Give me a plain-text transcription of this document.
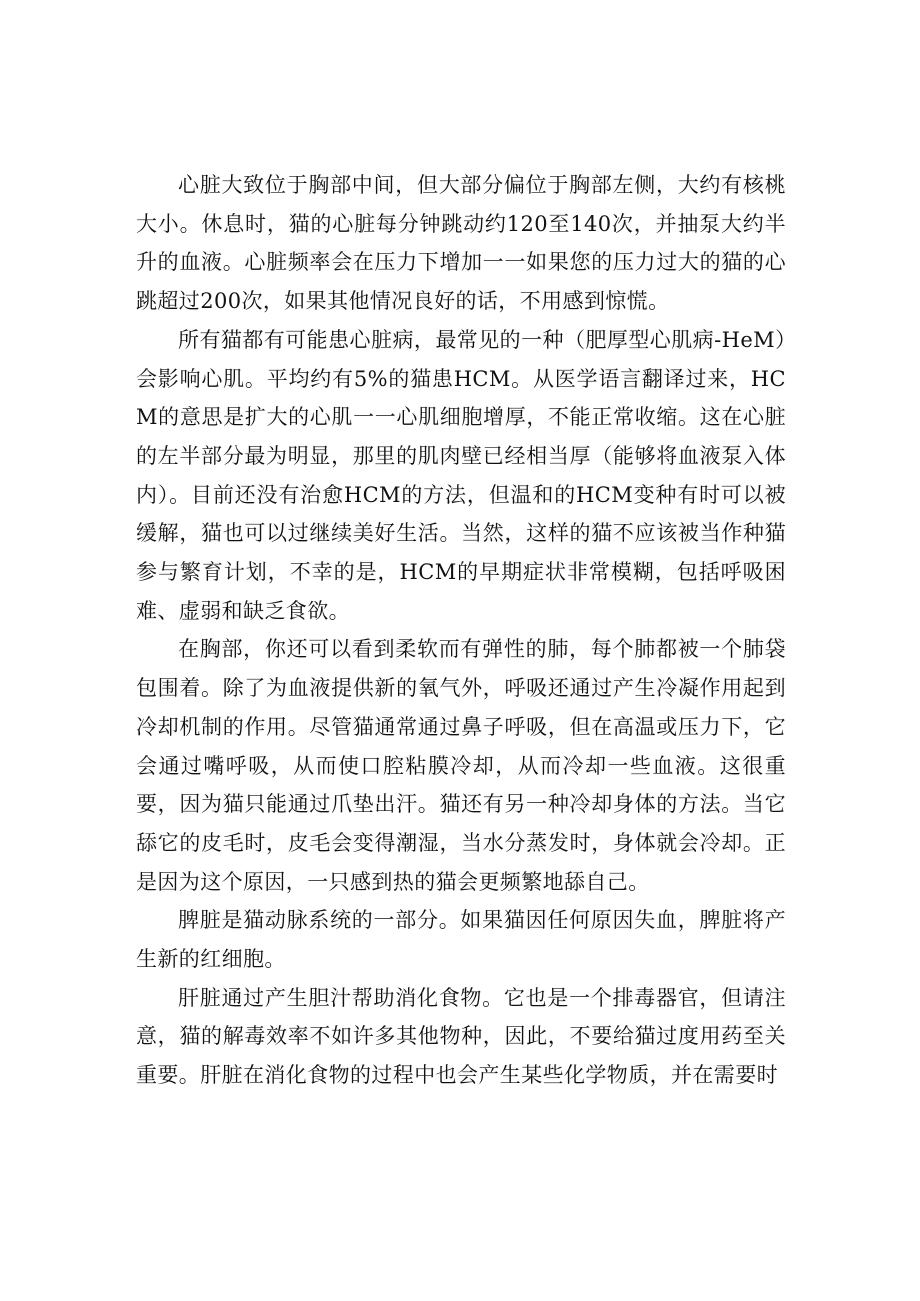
心脏大致位于胸部中间，但大部分偏位于胸部左侧，大约有核桃大小。休息时，猫的心脏每分钟跳动约120至140次，并抽泵大约半升的血液。心脏频率会在压力下增加一一如果您的压力过大的猫的心跳超过200次，如果其他情况良好的话，不用感到惊慌。

所有猫都有可能患心脏病，最常见的一种（肥厚型心肌病-HeM）会影响心肌。平均约有5%的猫患HCM。从医学语言翻译过来，HCM的意思是扩大的心肌一一心肌细胞增厚，不能正常收缩。这在心脏的左半部分最为明显，那里的肌肉壁已经相当厚（能够将血液泵入体内）。目前还没有治愈HCM的方法，但温和的HCM变种有时可以被缓解，猫也可以过继续美好生活。当然，这样的猫不应该被当作种猫参与繁育计划，不幸的是，HCM的早期症状非常模糊，包括呼吸困难、虚弱和缺乏食欲。

在胸部，你还可以看到柔软而有弹性的肺，每个肺都被一个肺袋包围着。除了为血液提供新的氧气外，呼吸还通过产生冷凝作用起到冷却机制的作用。尽管猫通常通过鼻子呼吸，但在高温或压力下，它会通过嘴呼吸，从而使口腔粘膜冷却，从而冷却一些血液。这很重要，因为猫只能通过爪垫出汗。猫还有另一种冷却身体的方法。当它舔它的皮毛时，皮毛会变得潮湿，当水分蒸发时，身体就会冷却。正是因为这个原因，一只感到热的猫会更频繁地舔自己。

脾脏是猫动脉系统的一部分。如果猫因任何原因失血，脾脏将产生新的红细胞。

肝脏通过产生胆汁帮助消化食物。它也是一个排毒器官，但请注意，猫的解毒效率不如许多其他物种，因此，不要给猫过度用药至关重要。肝脏在消化食物的过程中也会产生某些化学物质，并在需要时
